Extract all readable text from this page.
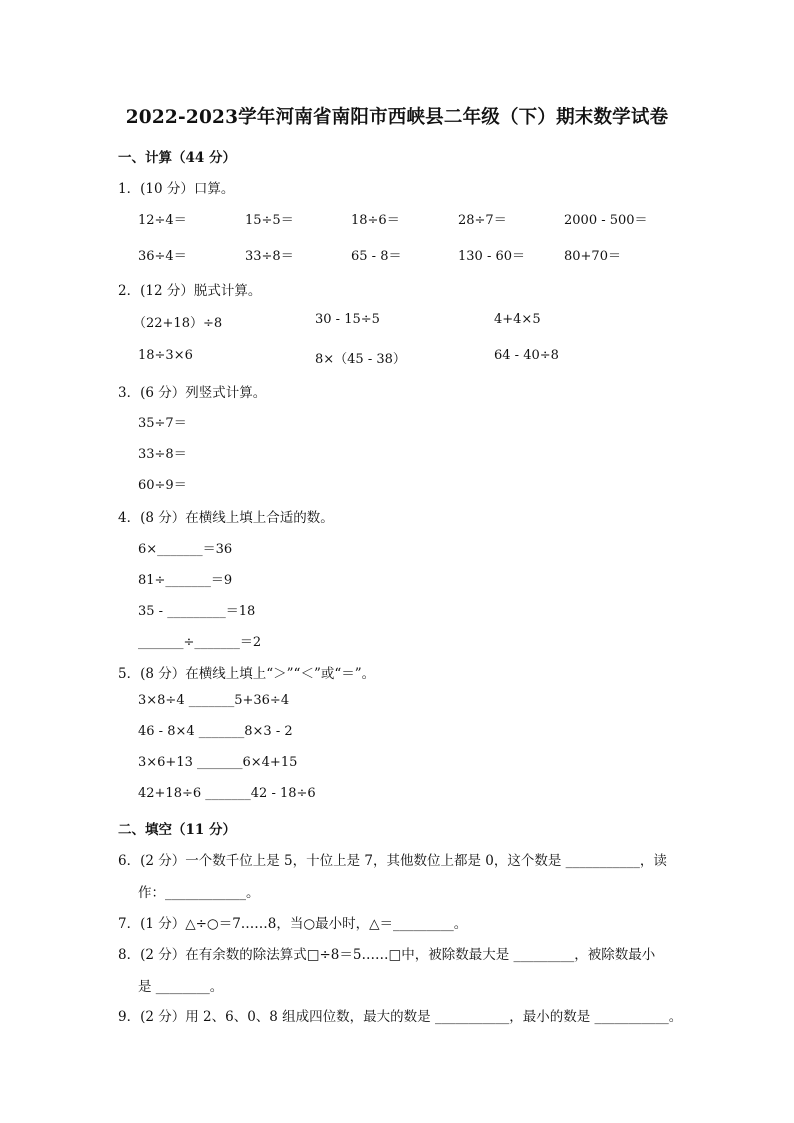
2022-2023学年河南省南阳市西峡县二年级（下）期末数学试卷
一、计算（44 分）
1．(10 分）口算。
12÷4＝	15÷5＝	18÷6＝	28÷7＝	2000 - 500＝
36÷4＝	33÷8＝	65 - 8＝	130 - 60＝	80+70＝
2．(12 分）脱式计算。
（22+18）÷8	30 - 15÷5	4+4×5
18÷3×6	8×（45 - 38）	64 - 40÷8
3．(6 分）列竖式计算。
35÷7＝
33÷8＝
60÷9＝
4．(8 分）在横线上填上合适的数。
6×_______＝36
81÷_______＝9
35 - _________＝18
_______÷_______＝2
5．(8 分）在横线上填上“＞”“＜”或“＝”。
3×8÷4 _______5+36÷4
46 - 8×4 _______8×3 - 2
3×6+13 _______6×4+15
42+18÷6 _______42 - 18÷6
二、填空（11 分）
6．(2 分）一个数千位上是 5，十位上是 7，其他数位上都是 0，这个数是 ___________，读
作：____________。
7．(1 分）△÷○＝7……8，当○最小时，△＝_________。
8．(2 分）在有余数的除法算式□÷8＝5……□中，被除数最大是 _________，被除数最小
是 ________。
9．(2 分）用 2、6、0、8 组成四位数，最大的数是 ___________，最小的数是 ___________。
